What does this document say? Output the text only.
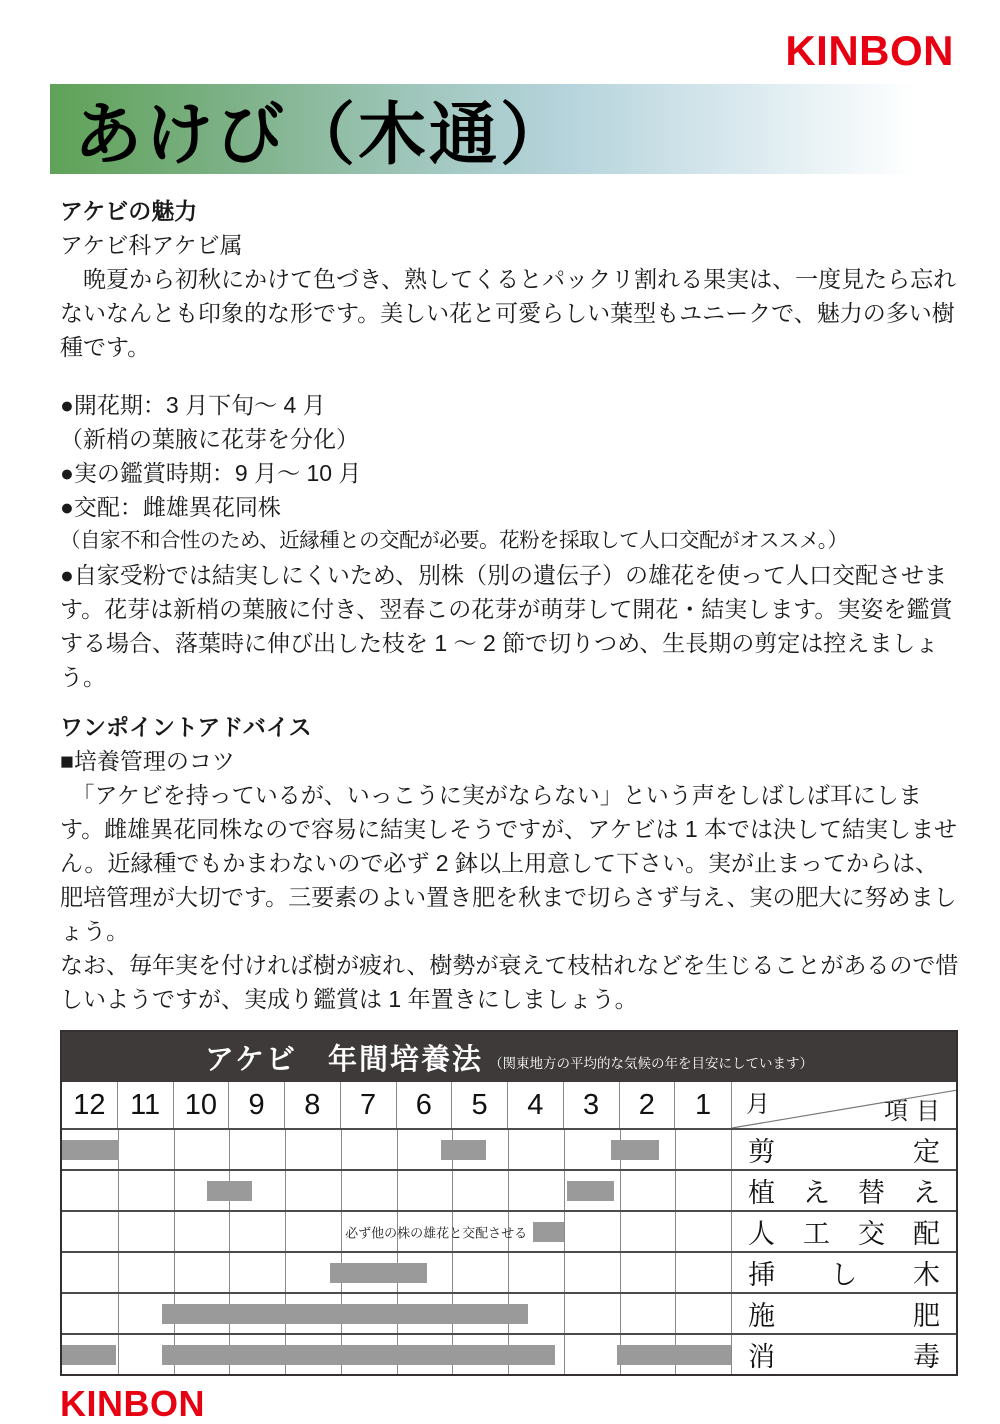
KINBON
あけび（木通）
アケビの魅力
アケビ科アケビ属
　晩夏から初秋にかけて色づき、熟してくるとパックリ割れる果実は、一度見たら忘れないなんとも印象的な形です。美しい花と可愛らしい葉型もユニークで、魅力の多い樹種です。
●開花期：3 月下旬～ 4 月
（新梢の葉腋に花芽を分化）
●実の鑑賞時期：9 月～ 10 月
●交配：雌雄異花同株
（自家不和合性のため、近縁種との交配が必要。花粉を採取して人口交配がオススメ。）
●自家受粉では結実しにくいため、別株（別の遺伝子）の雄花を使って人口交配させます。花芽は新梢の葉腋に付き、翌春この花芽が萌芽して開花・結実します。実姿を鑑賞する場合、落葉時に伸び出した枝を 1 ～ 2 節で切りつめ、生長期の剪定は控えましょう。
ワンポイントアドバイス
■培養管理のコツ
　「アケビを持っているが、いっこうに実がならない」という声をしばしば耳にします。雌雄異花同株なので容易に結実しそうですが、アケビは 1 本では決して結実しません。近縁種でもかまわないので必ず 2 鉢以上用意して下さい。実が止まってからは、肥培管理が大切です。三要素のよい置き肥を秋まで切らさず与え、実の肥大に努めましょう。
なお、毎年実を付ければ樹が疲れ、樹勢が衰えて枝枯れなどを生じることがあるので惜しいようですが、実成り鑑賞は 1 年置きにしましょう。
アケビ　年間培養法 （関東地方の平均的な気候の年を目安にしています）
12 11 10	9	8	7	6	5	4	3	2	1	月	項目
剪	定
植 え 替 え
必ず他の株の雄花と交配させる	人 工 交 配
挿 し 木
施	肥
消	毒
KINBON
